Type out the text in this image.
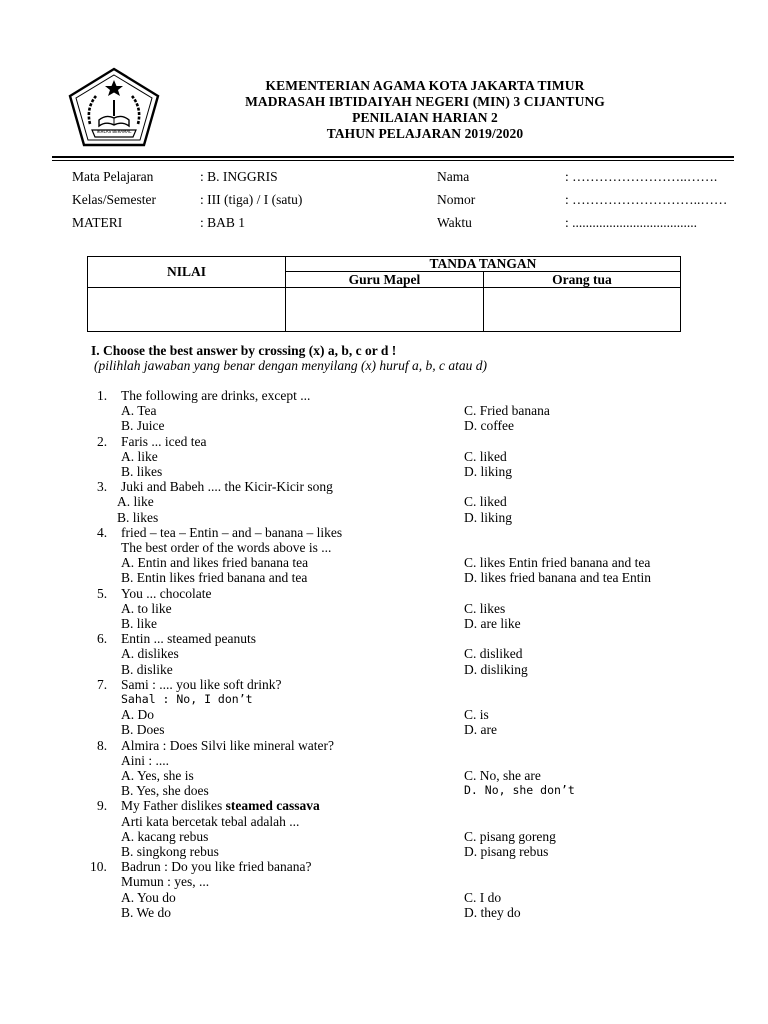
IKHLAS BERAMAL
KEMENTERIAN AGAMA KOTA JAKARTA TIMUR
MADRASAH IBTIDAIYAH NEGERI (MIN) 3 CIJANTUNG
PENILAIAN HARIAN 2
TAHUN PELAJARAN 2019/2020
Mata Pelajaran	: B. INGGRIS
Kelas/Semester	: III (tiga) / I (satu)
MATERI	: BAB 1
Nama	: ……………………..…….
Nomor	: ………………………..……
Waktu	: .....................................
NILAI
TANDA TANGAN
Guru Mapel	Orang tua
I. Choose the best answer by crossing (x) a, b, c or d !
(pilihlah jawaban yang benar dengan menyilang (x) huruf a, b, c atau d)
1. The following are drinks, except ...
A. Tea	C. Fried banana
B. Juice	D. coffee
2. Faris ... iced tea
A. like	C. liked
B. likes	D. liking
3. Juki and Babeh .... the Kicir-Kicir song
A. like	C. liked
B. likes	D. liking
4. fried – tea – Entin – and – banana – likes
The best order of the words above is ...
A. Entin and likes fried banana tea	C. likes Entin fried banana and tea
B. Entin likes fried banana and tea	D. likes fried banana and tea Entin
5. You ... chocolate
A. to like	C. likes
B. like	D. are like
6. Entin ... steamed peanuts
A. dislikes	C. disliked
B. dislike	D. disliking
7. Sami : .... you like soft drink?
Sahal : No, I don’t
A. Do	C. is
B. Does	D. are
8. Almira : Does Silvi like mineral water?
Aini : ....
A. Yes, she is	C. No, she are
B. Yes, she does	D. No, she don’t
9. My Father dislikes steamed cassava
Arti kata bercetak tebal adalah ...
A. kacang rebus	C. pisang goreng
B. singkong rebus	D. pisang rebus
10. Badrun : Do you like fried banana?
Mumun : yes, ...
A. You do	C. I do
B. We do	D. they do
